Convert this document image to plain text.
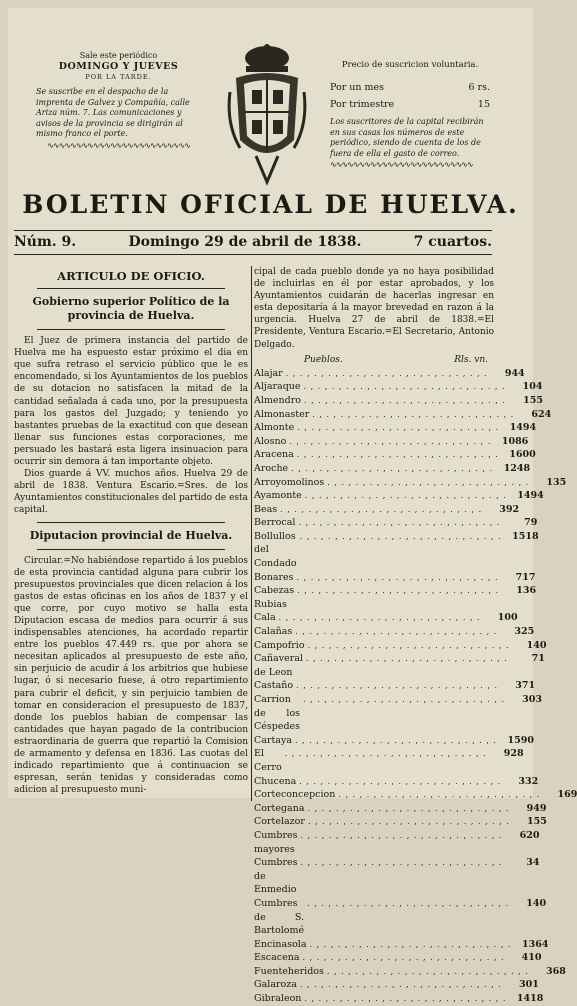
Sale este periódico
DOMINGO Y JUEVES
POR LA TARDE.
Se suscribe en el despacho de la imprenta de Galvez y Compañía, calle Ariza núm. 7. Las comunicaciones y avisos de la provincia se dirigirán al mismo franco el porte.
∿∿∿∿∿∿∿∿∿∿∿∿∿∿∿∿∿∿∿∿∿∿∿∿∿
Precio de suscricion voluntaria.
Por un mes	6 rs.
Por trimestre	15
Los suscritores de la capital recibirán en sus casas los números de este periódico, siendo de cuenta de los de fuera de ella el gasto de correo.
∿∿∿∿∿∿∿∿∿∿∿∿∿∿∿∿∿∿∿∿∿∿∿∿∿
BOLETIN OFICIAL DE HUELVA.
Núm. 9.	Domingo 29 de abril de 1838.	7 cuartos.
ARTICULO DE OFICIO.
Gobierno superior Político de la provincia de Huelva.
El Juez de primera instancia del partido de Huelva me ha espuesto estar próximo el dia en que sufra retraso el servicio público que le es encomendado, si los Ayuntamientos de los pueblos de su dotacion no satisfacen la mitad de la cantidad señalada á cada uno, por la presupuesta para los gastos del Juzgado; y teniendo yo bastantes pruebas de la exactitud con que desean llenar sus funciones estas corporaciones, me persuado les bastará esta ligera insinuacion para ocurrir sin demora á tan importante objeto.
Dios guarde á VV. muchos años. Huelva 29 de abril de 1838. Ventura Escario.=Sres. de los Ayuntamientos constitucionales del partido de esta capital.
Diputacion provincial de Huelva.
Circular.=No habiéndose repartido á los pueblos de esta provincia cantidad alguna para cubrir los presupuestos provinciales que dicen relacion á los gastos de estas oficinas en los años de 1837 y el que corre, por cuyo motivo se halla esta Diputacion escasa de medios para ocurrir á sus indispensables atenciones, ha acordado repartir entre los pueblos 47.449 rs. que por ahora se necesitan aplicados al presupuesto de este año, sin perjuicio de acudir á los arbitrios que hubiese lugar, ó si necesario fuese, á otro repartimiento para cubrir el deficit, y sin perjuicio tambien de tomar en consideracion el presupuesto de 1837, donde los pueblos habian de compensar las cantidades que hayan pagado de la contribucion estraordinaria de guerra que repartió la Comision de armamento y defensa en 1836. Las cuotas del indicado repartimiento que á continuacion se espresan, serán tenidas y consideradas como adicion al presupuesto muni-
cipal de cada pueblo donde ya no haya posibilidad de incluirlas en él por estar aprobados, y los Ayuntamientos cuidarán de hacerlas ingresar en esta depositaría á la mayor brevedad en razon á la urgencia. Huelva 27 de abril de 1838.=El Presidente, Ventura Escario.=El Secretario, Antonio Delgado.
Pueblos.	Rls. vn.
Alajar . , . , . , . , . , . , . , . , . , . , . , . , . , . , .	944
Aljaraque . , . , . , . , . , . , . , . , . , . , . , . , . , . , .	104
Almendro . , . , . , . , . , . , . , . , . , . , . , . , . , . , .	155
Almonaster . , . , . , . , . , . , . , . , . , . , . , . , . , . , .	624
Almonte . , . , . , . , . , . , . , . , . , . , . , . , . , . , .	1494
Alosno . , . , . , . , . , . , . , . , . , . , . , . , . , . , .	1086
Aracena . , . , . , . , . , . , . , . , . , . , . , . , . , . , .	1600
Aroche . , . , . , . , . , . , . , . , . , . , . , . , . , . , .	1248
Arroyomolinos . , . , . , . , . , . , . , . , . , . , . , . , . , . , .	135
Ayamonte . , . , . , . , . , . , . , . , . , . , . , . , . , . , .	1494
Beas . , . , . , . , . , . , . , . , . , . , . , . , . , . , .	392
Berrocal . , . , . , . , . , . , . , . , . , . , . , . , . , . , .	79
Bollullos del Condado
. , . , . , . , . , . , . , . , . , . , . , . , . , . , .	1518
Bonares . , . , . , . , . , . , . , . , . , . , . , . , . , . , .	717
Cabezas Rubias
. , . , . , . , . , . , . , . , . , . , . , . , . , . , .	136
Cala . , . , . , . , . , . , . , . , . , . , . , . , . , . , .	100
Calañas . , . , . , . , . , . , . , . , . , . , . , . , . , . , .	325
Campofrio . , . , . , . , . , . , . , . , . , . , . , . , . , . , .	140
Cañaveral de Leon
. , . , . , . , . , . , . , . , . , . , . , . , . , . , .	71
Castaño . , . , . , . , . , . , . , . , . , . , . , . , . , . , .	371
Carrion de los Céspedes
. , . , . , . , . , . , . , . , . , . , . , . , . , . , .	303
Cartaya . , . , . , . , . , . , . , . , . , . , . , . , . , . , .	1590
El Cerro
. , . , . , . , . , . , . , . , . , . , . , . , . , . , .	928
Chucena . , . , . , . , . , . , . , . , . , . , . , . , . , . , .	332
Corteconcepcion . , . , . , . , . , . , . , . , . , . , . , . , . , . , .	169
Cortegana . , . , . , . , . , . , . , . , . , . , . , . , . , . , .	949
Cortelazor . , . , . , . , . , . , . , . , . , . , . , . , . , . , .	155
Cumbres mayores
. , . , . , . , . , . , . , . , . , . , . , . , . , . , .	620
Cumbres de Enmedio
. , . , . , . , . , . , . , . , . , . , . , . , . , . , .	34
Cumbres de S. Bartolomé
. , . , . , . , . , . , . , . , . , . , . , . , . , . , .	140
Encinasola . , . , . , . , . , . , . , . , . , . , . , . , . , . , .	1364
Escacena . , . , . , . , . , . , . , . , . , . , . , . , . , . , .	410
Fuenteheridos . , . , . , . , . , . , . , . , . , . , . , . , . , . , .	368
Galaroza . , . , . , . , . , . , . , . , . , . , . , . , . , . , .	301
Gibraleon . , . , . , . , . , . , . , . , . , . , . , . , . , . , .	1418
